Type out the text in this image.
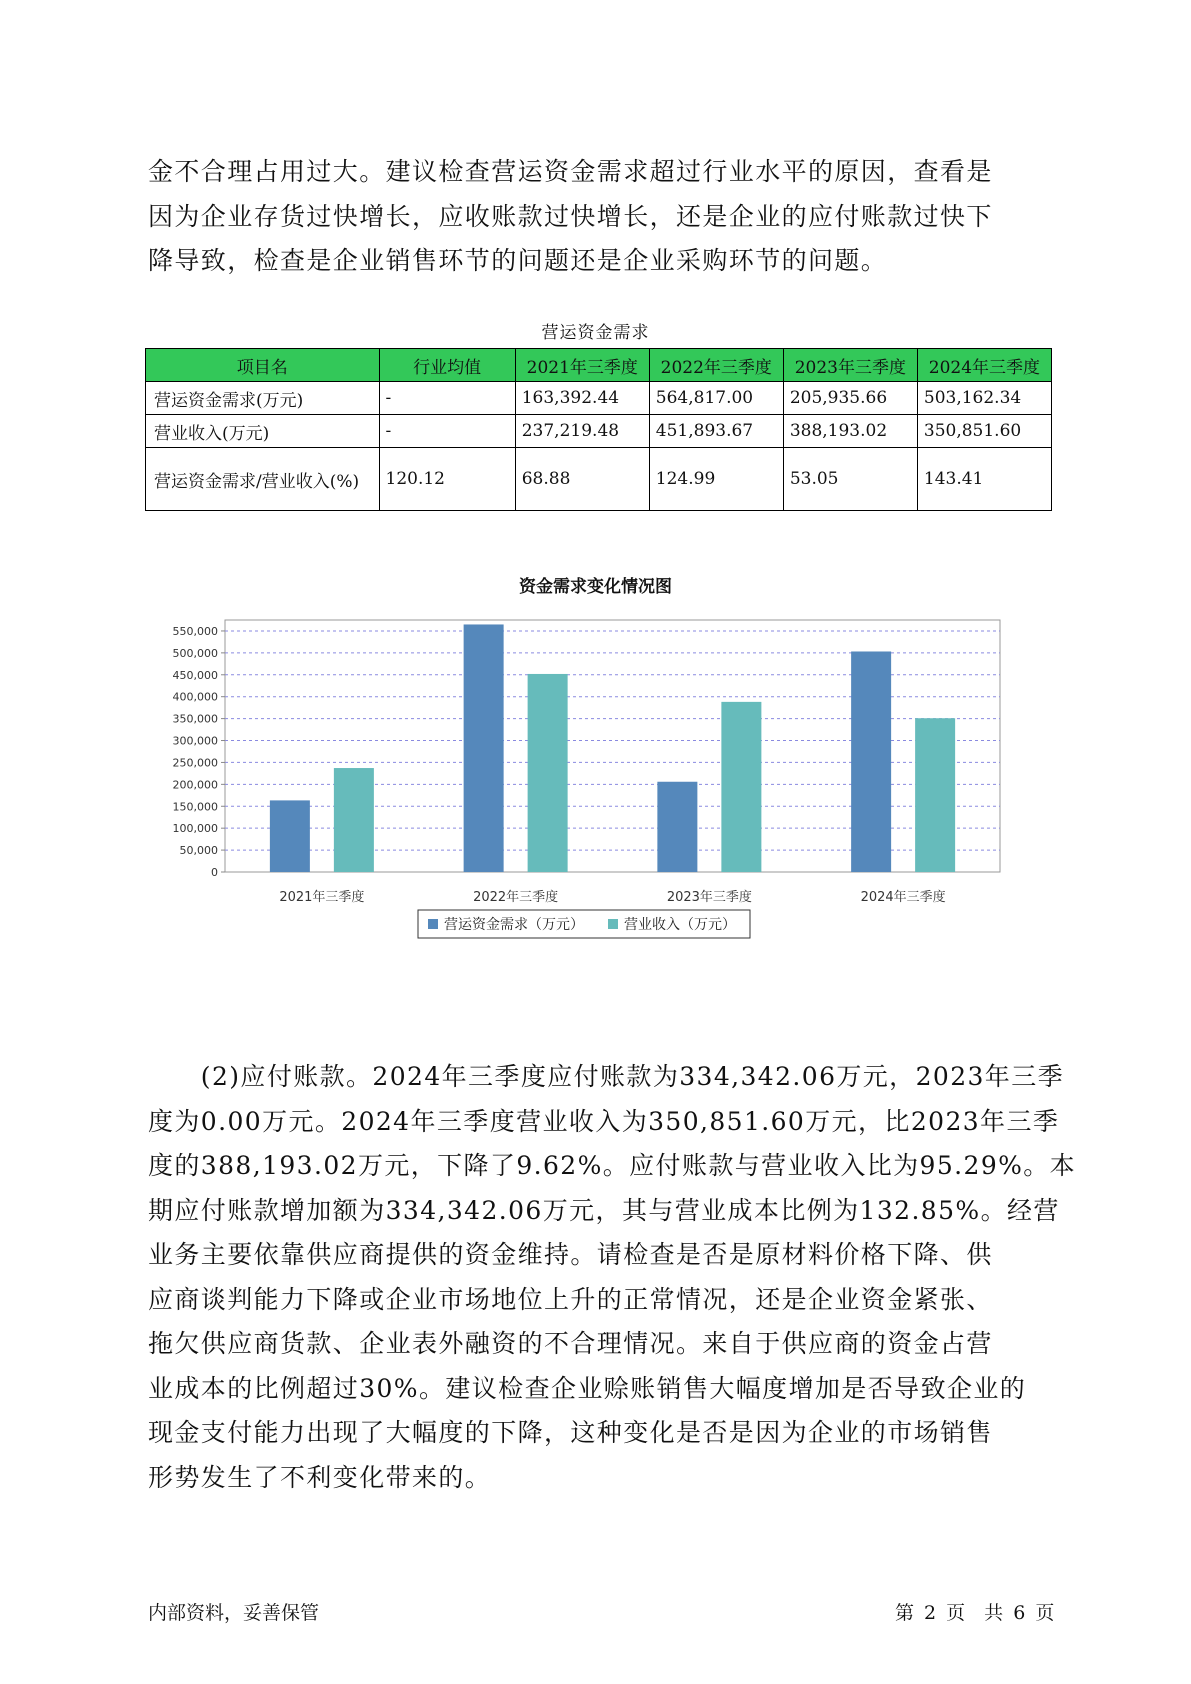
金不合理占用过大。建议检查营运资金需求超过行业水平的原因，查看是
因为企业存货过快增长，应收账款过快增长，还是企业的应付账款过快下
降导致，检查是企业销售环节的问题还是企业采购环节的问题。
营运资金需求
项目名	行业均值	2021年三季度	2022年三季度	2023年三季度	2024年三季度
营运资金需求(万元)	-	163,392.44	564,817.00	205,935.66	503,162.34
营业收入(万元)	-	237,219.48	451,893.67	388,193.02	350,851.60
营运资金需求/营业收入(%)	120.12	68.88	124.99	53.05	143.41
资金需求变化情况图
0
50,000
100,000
150,000
200,000
250,000
300,000
350,000
400,000
450,000
500,000
550,000
2021年三季度	2022年三季度	2023年三季度	2024年三季度
营运资金需求（万元）	营业收入（万元）
　　(2)应付账款。2024年三季度应付账款为334,342.06万元，2023年三季
度为0.00万元。2024年三季度营业收入为350,851.60万元，比2023年三季
度的388,193.02万元，下降了9.62%。应付账款与营业收入比为95.29%。本
期应付账款增加额为334,342.06万元，其与营业成本比例为132.85%。经营
业务主要依靠供应商提供的资金维持。请检查是否是原材料价格下降、供
应商谈判能力下降或企业市场地位上升的正常情况，还是企业资金紧张、
拖欠供应商货款、企业表外融资的不合理情况。来自于供应商的资金占营
业成本的比例超过30%。建议检查企业赊账销售大幅度增加是否导致企业的
现金支付能力出现了大幅度的下降，这种变化是否是因为企业的市场销售
形势发生了不利变化带来的。
内部资料，妥善保管	第 2 页　共 6 页
